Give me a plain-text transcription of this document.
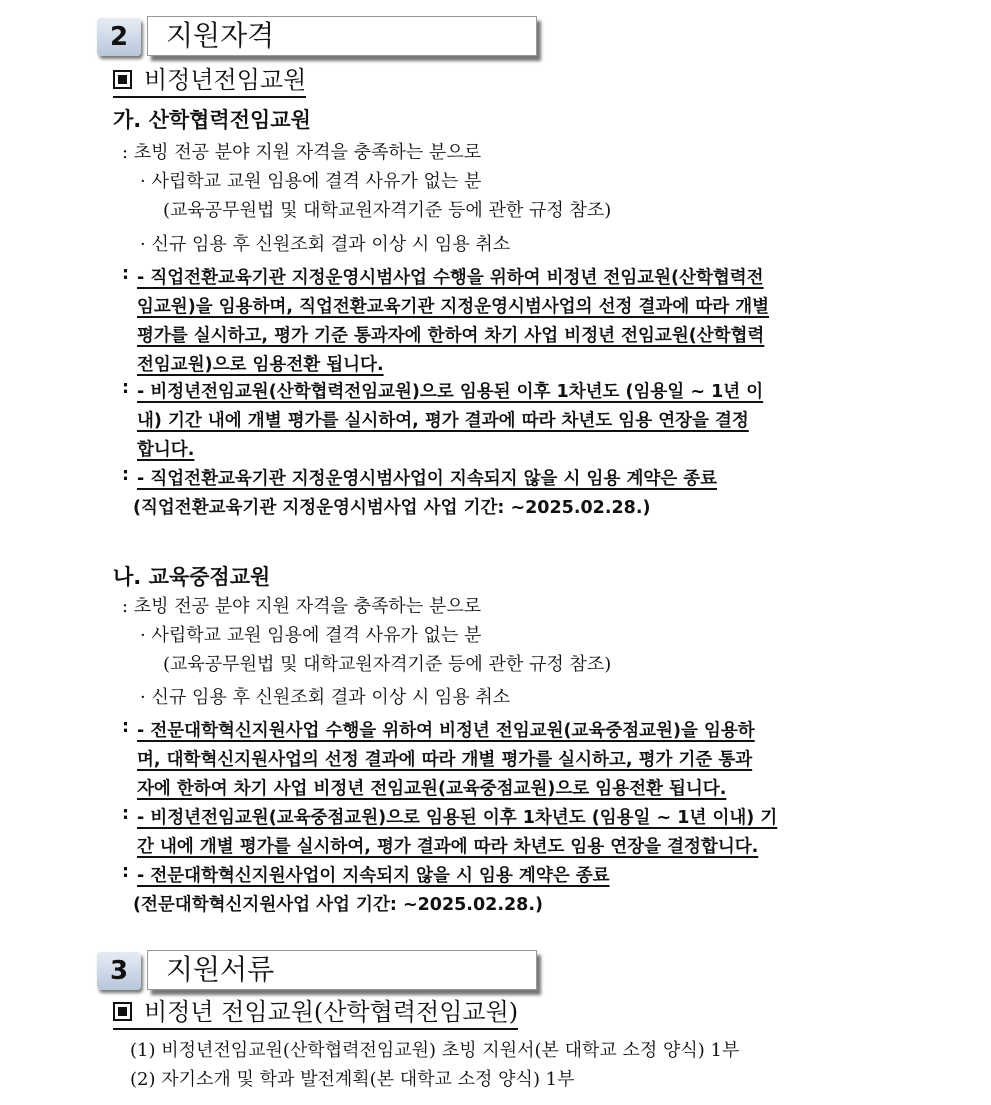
2	지원자격
비정년전임교원
가. 산학협력전임교원
: 초빙 전공 분야 지원 자격을 충족하는 분으로
· 사립학교 교원 임용에 결격 사유가 없는 분
(교육공무원법 및 대학교원자격기준 등에 관한 규정 참조)
· 신규 임용 후 신원조회 결과 이상 시 임용 취소
: - 직업전환교육기관 지정운영시범사업 수행을 위하여 비정년 전임교원(산학협력전
임교원)을 임용하며, 직업전환교육기관 지정운영시범사업의 선정 결과에 따라 개별
평가를 실시하고, 평가 기준 통과자에 한하여 차기 사업 비정년 전임교원(산학협력
전임교원)으로 임용전환 됩니다.
: - 비정년전임교원(산학협력전임교원)으로 임용된 이후 1차년도 (임용일 ~ 1년 이
내) 기간 내에 개별 평가를 실시하여, 평가 결과에 따라 차년도 임용 연장을 결정
합니다.
: - 직업전환교육기관 지정운영시범사업이 지속되지 않을 시 임용 계약은 종료
(직업전환교육기관 지정운영시범사업 사업 기간: ~2025.02.28.)
나. 교육중점교원
: 초빙 전공 분야 지원 자격을 충족하는 분으로
· 사립학교 교원 임용에 결격 사유가 없는 분
(교육공무원법 및 대학교원자격기준 등에 관한 규정 참조)
· 신규 임용 후 신원조회 결과 이상 시 임용 취소
: - 전문대학혁신지원사업 수행을 위하여 비정년 전임교원(교육중점교원)을 임용하
며, 대학혁신지원사업의 선정 결과에 따라 개별 평가를 실시하고, 평가 기준 통과
자에 한하여 차기 사업 비정년 전임교원(교육중점교원)으로 임용전환 됩니다.
: - 비정년전임교원(교육중점교원)으로 임용된 이후 1차년도 (임용일 ~ 1년 이내) 기
간 내에 개별 평가를 실시하여, 평가 결과에 따라 차년도 임용 연장을 결정합니다.
: - 전문대학혁신지원사업이 지속되지 않을 시 임용 계약은 종료
(전문대학혁신지원사업 사업 기간: ~2025.02.28.)
3	지원서류
비정년 전임교원(산학협력전임교원)
(1) 비정년전임교원(산학협력전임교원) 초빙 지원서(본 대학교 소정 양식) 1부
(2) 자기소개 및 학과 발전계획(본 대학교 소정 양식) 1부
